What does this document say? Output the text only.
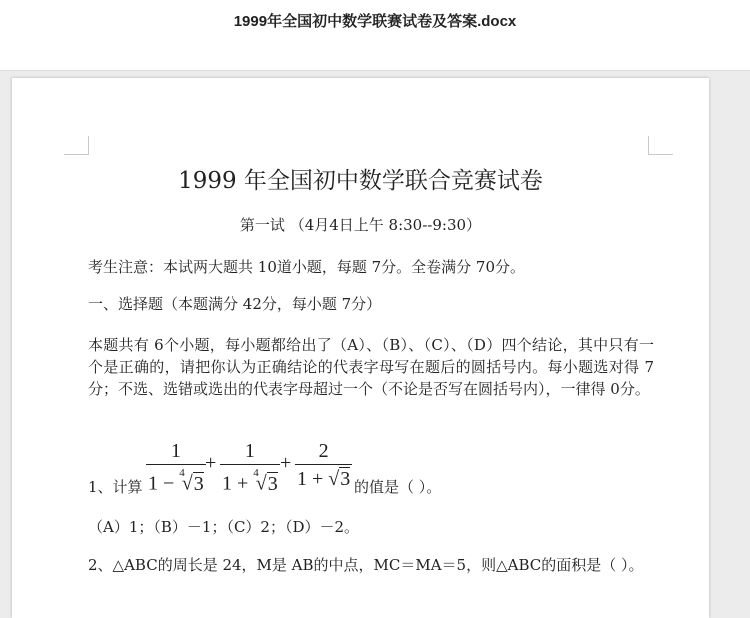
1999年全国初中数学联赛试卷及答案.docx
1999 年全国初中数学联合竞赛试卷
第一试 （4月4日上午 8:30--9:30）
考生注意：本试两大题共 10道小题，每题 7分。全卷满分 70分。
一、选择题（本题满分 42分，每小题 7分）
本题共有 6个小题，每小题都给出了（A）、（B）、（C）、（D）四个结论，其中只有一个是正确的，请把你认为正确结论的代表字母写在题后的圆括号内。每小题选对得 7分；不选、选错或选出的代表字母超过一个（不论是否写在圆括号内），一律得 0分。
1、计算 $\frac{1}{1 - ^4√3} + \frac{1}{1 + ^4√3} + \frac{2}{1 + √3}$ 的值是（ ）。
（A）1；（B）－1；（C）2；（D）－2。
2、△ABC的周长是 24，M是 AB的中点，MC＝MA＝5，则△ABC的面积是（ ）。
